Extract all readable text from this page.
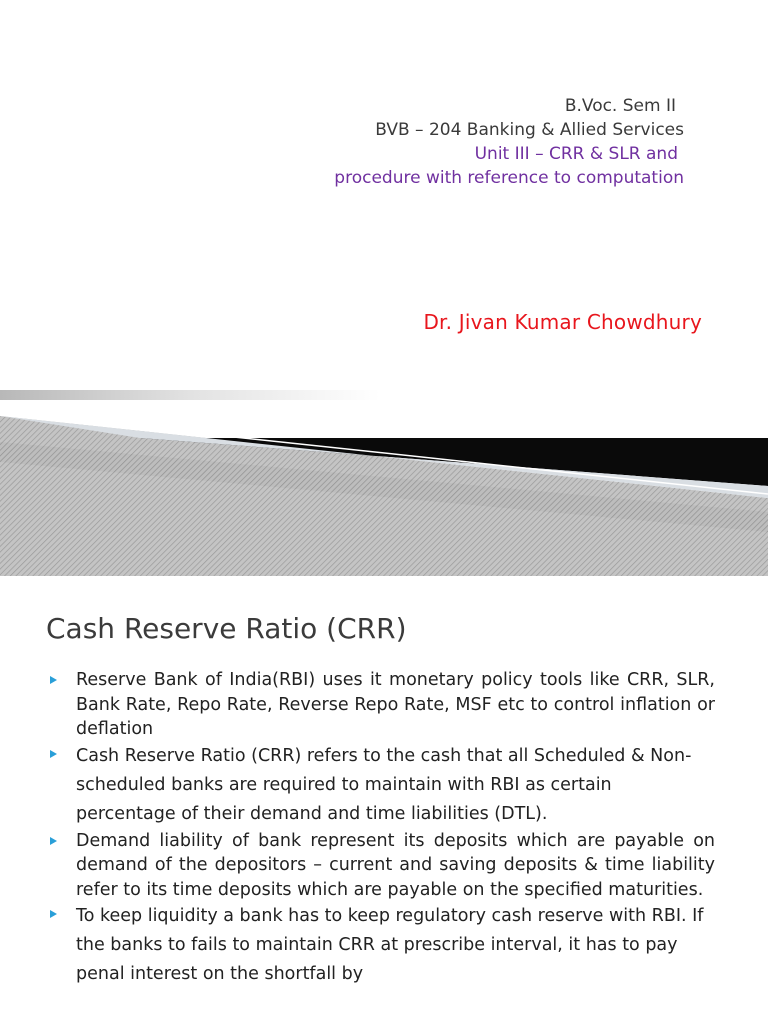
B.Voc. Sem II
BVB – 204 Banking & Allied Services
Unit III – CRR & SLR and
procedure with reference to computation
Dr. Jivan Kumar Chowdhury
Cash Reserve Ratio (CRR)
Reserve Bank of India(RBI) uses it monetary policy tools like CRR, SLR, Bank Rate, Repo Rate, Reverse Repo Rate, MSF etc to control inflation or deflation
Cash Reserve Ratio (CRR) refers to the cash that all Scheduled & Non-scheduled banks are required to maintain with RBI as certain percentage of their demand and time liabilities (DTL).
Demand liability of bank represent its deposits which are payable on demand of the depositors – current and saving deposits & time liability refer to its time deposits which are payable on the specified maturities.
To keep liquidity a bank has to keep regulatory cash reserve with RBI. If the banks to fails to maintain CRR at prescribe interval, it has to pay penal interest on the shortfall by
